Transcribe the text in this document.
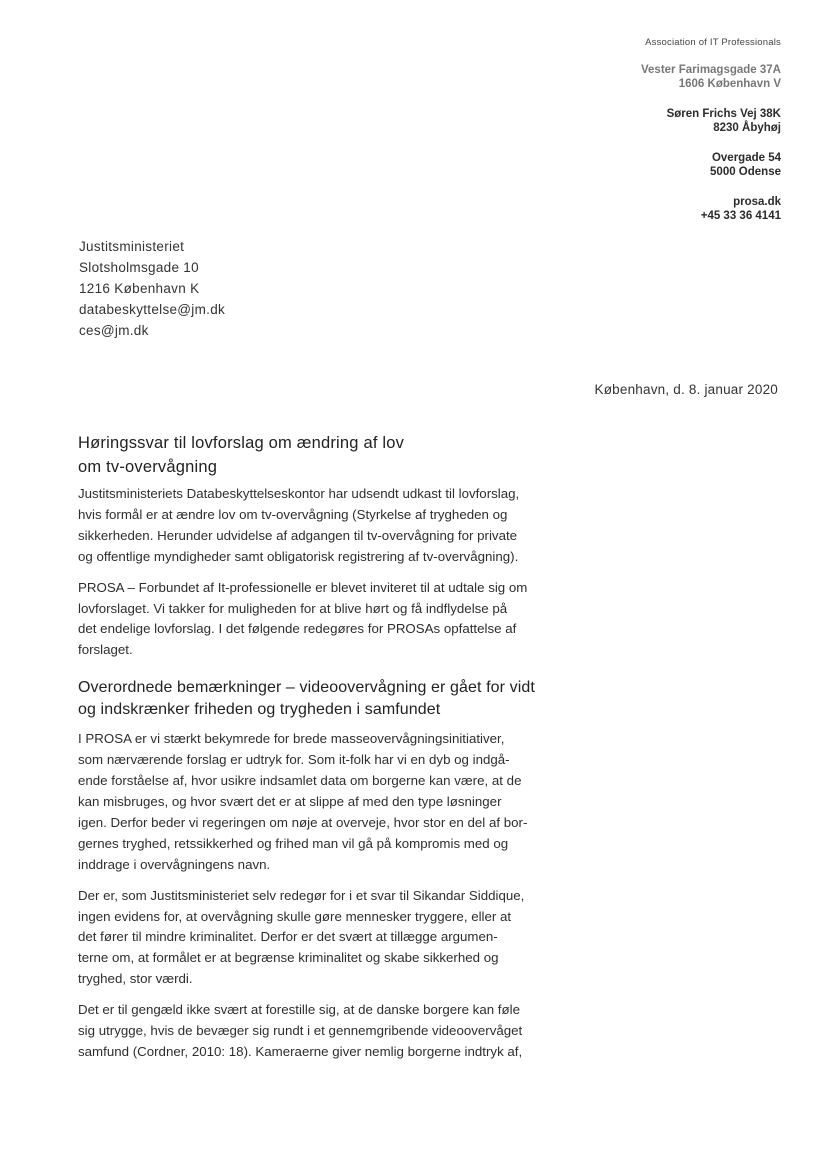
Association of IT Professionals
Vester Farimagsgade 37A
1606 København V
Søren Frichs Vej 38K
8230 Åbyhøj
Overgade 54
5000 Odense
prosa.dk
+45 33 36 4141
Justitsministeriet
Slotsholmsgade 10
1216 København K
databeskyttelse@jm.dk
ces@jm.dk
København, d. 8. januar 2020
Høringssvar til lovforslag om ændring af lov
om tv-overvågning

Justitsministeriets Databeskyttelseskontor har udsendt udkast til lovforslag,
hvis formål er at ændre lov om tv-overvågning (Styrkelse af trygheden og
sikkerheden. Herunder udvidelse af adgangen til tv-overvågning for private
og offentlige myndigheder samt obligatorisk registrering af tv-overvågning).

PROSA – Forbundet af It-professionelle er blevet inviteret til at udtale sig om
lovforslaget. Vi takker for muligheden for at blive hørt og få indflydelse på
det endelige lovforslag. I det følgende redegøres for PROSAs opfattelse af
forslaget.

Overordnede bemærkninger – videoovervågning er gået for vidt
og indskrænker friheden og trygheden i samfundet

I PROSA er vi stærkt bekymrede for brede masseovervågningsinitiativer,
som nærværende forslag er udtryk for. Som it-folk har vi en dyb og indgå-
ende forståelse af, hvor usikre indsamlet data om borgerne kan være, at de
kan misbruges, og hvor svært det er at slippe af med den type løsninger
igen. Derfor beder vi regeringen om nøje at overveje, hvor stor en del af bor-
gernes tryghed, retssikkerhed og frihed man vil gå på kompromis med og
inddrage i overvågningens navn.

Der er, som Justitsministeriet selv redegør for i et svar til Sikandar Siddique,
ingen evidens for, at overvågning skulle gøre mennesker tryggere, eller at
det fører til mindre kriminalitet. Derfor er det svært at tillægge argumen-
terne om, at formålet er at begrænse kriminalitet og skabe sikkerhed og
tryghed, stor værdi.

Det er til gengæld ikke svært at forestille sig, at de danske borgere kan føle
sig utrygge, hvis de bevæger sig rundt i et gennemgribende videoovervåget
samfund (Cordner, 2010: 18). Kameraerne giver nemlig borgerne indtryk af,
